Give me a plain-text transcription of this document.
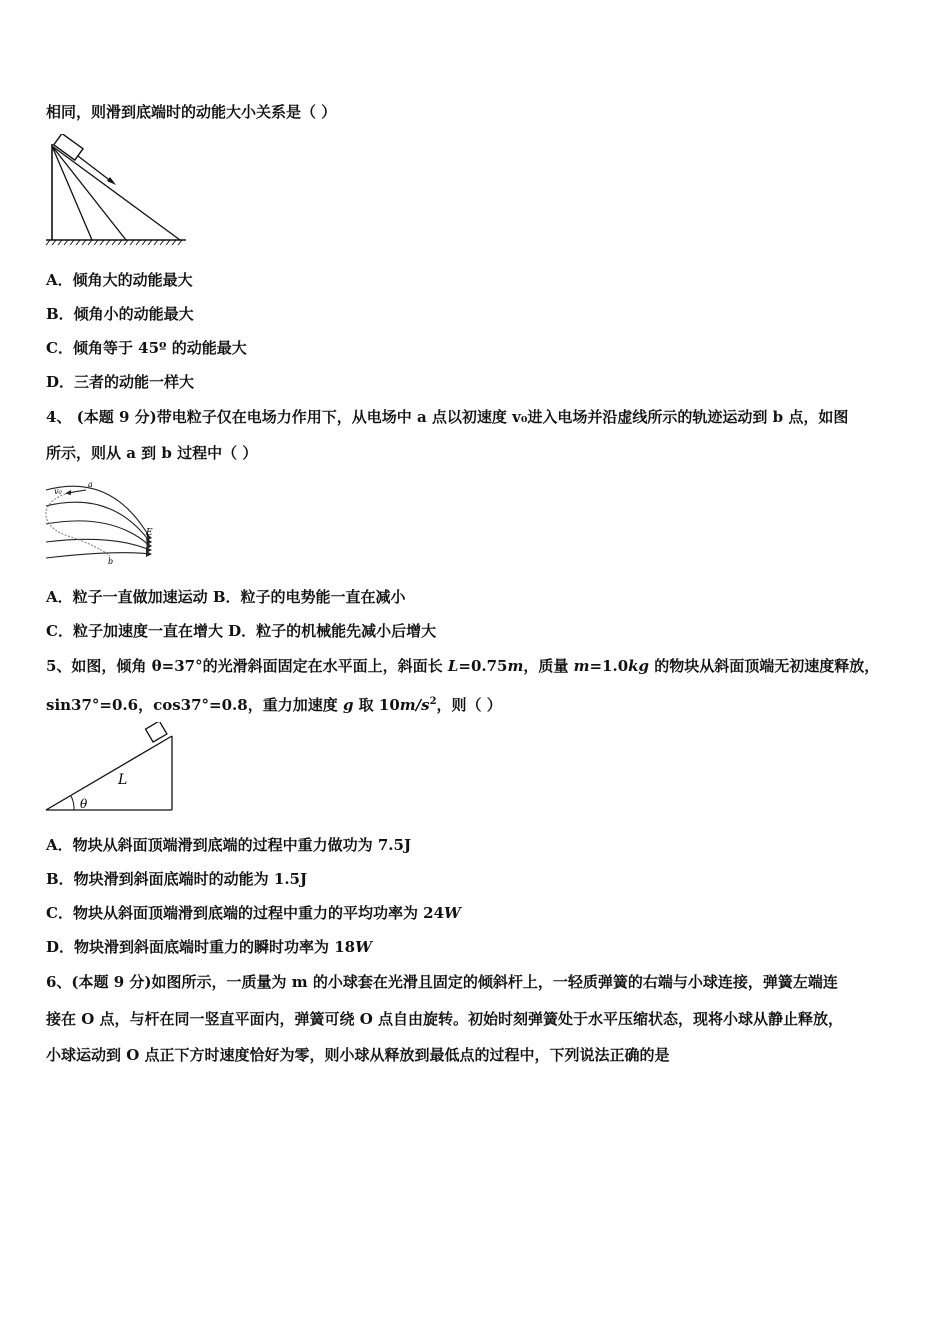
相同，则滑到底端时的动能大小关系是（ ）
A．倾角大的动能最大
B．倾角小的动能最大
C．倾角等于 45º 的动能最大
D．三者的动能一样大
4、 (本题 9 分)带电粒子仅在电场力作用下，从电场中 a 点以初速度 v₀进入电场并沿虚线所示的轨迹运动到 b 点，如图
所示，则从 a 到 b 过程中（ ）
v₀
a
b
E
A．粒子一直做加速运动 B．粒子的电势能一直在减小
C．粒子加速度一直在增大 D．粒子的机械能先减小后增大
5、如图，倾角 θ=37°的光滑斜面固定在水平面上，斜面长 L=0.75m，质量 m=1.0kg 的物块从斜面顶端无初速度释放，
sin37°=0.6，cos37°=0.8，重力加速度 g 取 $10m/s^2$，则（ ）
θ
L
A．物块从斜面顶端滑到底端的过程中重力做功为 7.5J
B．物块滑到斜面底端时的动能为 1.5J
C．物块从斜面顶端滑到底端的过程中重力的平均功率为 24W
D．物块滑到斜面底端时重力的瞬时功率为 18W
6、(本题 9 分)如图所示，一质量为 m 的小球套在光滑且固定的倾斜杆上，一轻质弹簧的右端与小球连接，弹簧左端连
接在 O 点，与杆在同一竖直平面内，弹簧可绕 O 点自由旋转。初始时刻弹簧处于水平压缩状态，现将小球从静止释放，
小球运动到 O 点正下方时速度恰好为零，则小球从释放到最低点的过程中，下列说法正确的是
